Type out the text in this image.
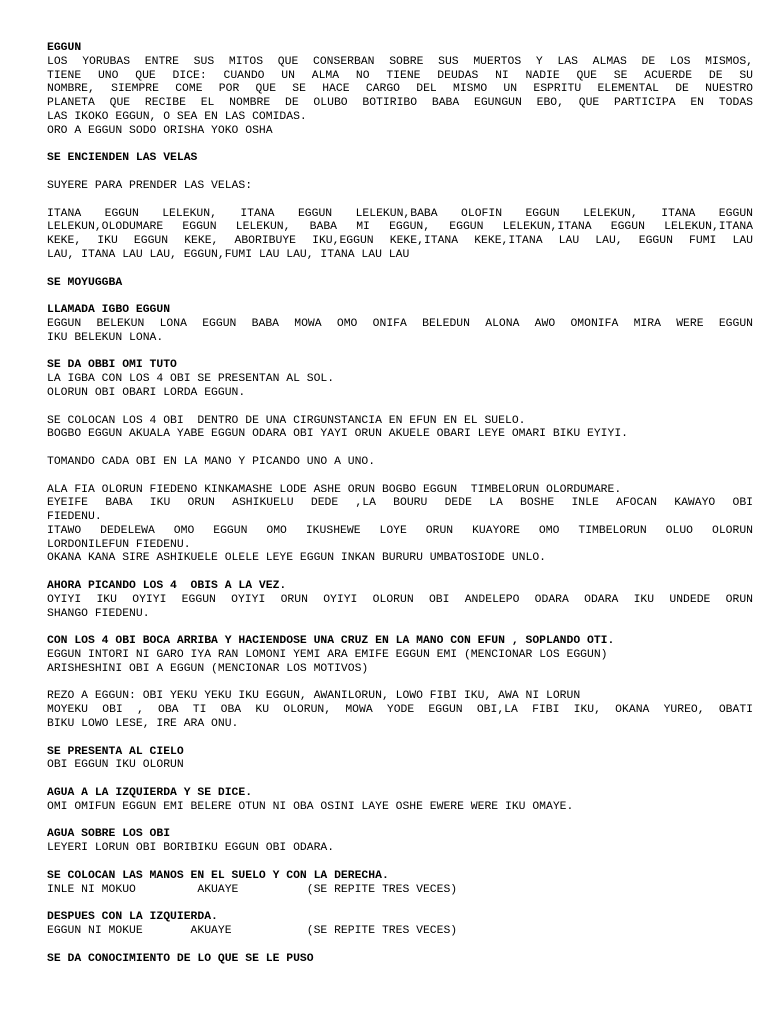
EGGUN
LOS YORUBAS ENTRE SUS MITOS QUE CONSERBAN SOBRE SUS MUERTOS Y LAS ALMAS DE LOS MISMOS,
TIENE UNO QUE DICE: CUANDO UN ALMA NO TIENE DEUDAS NI NADIE QUE SE ACUERDE DE SU
NOMBRE, SIEMPRE COME POR QUE SE HACE CARGO DEL MISMO UN ESPRITU ELEMENTAL DE NUESTRO
PLANETA QUE RECIBE EL NOMBRE DE OLUBO BOTIRIBO BABA EGUNGUN EBO, QUE PARTICIPA EN TODAS
LAS IKOKO EGGUN, O SEA EN LAS COMIDAS.
ORO A EGGUN SODO ORISHA YOKO OSHA
SE ENCIENDEN LAS VELAS
SUYERE PARA PRENDER LAS VELAS:
ITANA EGGUN LELEKUN, ITANA EGGUN LELEKUN,BABA OLOFIN EGGUN LELEKUN, ITANA EGGUN
LELEKUN,OLODUMARE EGGUN LELEKUN, BABA MI EGGUN, EGGUN LELEKUN,ITANA EGGUN LELEKUN,ITANA
KEKE, IKU EGGUN KEKE, ABORIBUYE IKU,EGGUN KEKE,ITANA KEKE,ITANA LAU LAU, EGGUN FUMI LAU
LAU, ITANA LAU LAU, EGGUN,FUMI LAU LAU, ITANA LAU LAU
SE MOYUGGBA
LLAMADA IGBO EGGUN
EGGUN BELEKUN LONA EGGUN BABA MOWA OMO ONIFA BELEDUN ALONA AWO OMONIFA MIRA WERE EGGUN
IKU BELEKUN LONA.
SE DA OBBI OMI TUTO
LA IGBA CON LOS 4 OBI SE PRESENTAN AL SOL.
OLORUN OBI OBARI LORDA EGGUN.
SE COLOCAN LOS 4 OBI  DENTRO DE UNA CIRGUNSTANCIA EN EFUN EN EL SUELO.
BOGBO EGGUN AKUALA YABE EGGUN ODARA OBI YAYI ORUN AKUELE OBARI LEYE OMARI BIKU EYIYI.
TOMANDO CADA OBI EN LA MANO Y PICANDO UNO A UNO.
ALA FIA OLORUN FIEDENO KINKAMASHE LODE ASHE ORUN BOGBO EGGUN  TIMBELORUN OLORDUMARE.
EYEIFE BABA IKU ORUN ASHIKUELU DEDE ,LA BOURU DEDE LA BOSHE INLE AFOCAN KAWAYO OBI
FIEDENU.
ITAWO DEDELEWA OMO EGGUN OMO IKUSHEWE LOYE ORUN KUAYORE OMO TIMBELORUN OLUO OLORUN
LORDONILEFUN FIEDENU.
OKANA KANA SIRE ASHIKUELE OLELE LEYE EGGUN INKAN BURURU UMBATOSIODE UNLO.
AHORA PICANDO LOS 4  OBIS A LA VEZ.
OYIYI IKU OYIYI EGGUN OYIYI ORUN OYIYI OLORUN OBI ANDELEPO ODARA ODARA IKU UNDEDE ORUN
SHANGO FIEDENU.
CON LOS 4 OBI BOCA ARRIBA Y HACIENDOSE UNA CRUZ EN LA MANO CON EFUN , SOPLANDO OTI.
EGGUN INTORI NI GARO IYA RAN LOMONI YEMI ARA EMIFE EGGUN EMI (MENCIONAR LOS EGGUN)
ARISHESHINI OBI A EGGUN (MENCIONAR LOS MOTIVOS)
REZO A EGGUN: OBI YEKU YEKU IKU EGGUN, AWANILORUN, LOWO FIBI IKU, AWA NI LORUN
MOYEKU OBI , OBA TI OBA KU OLORUN, MOWA YODE EGGUN OBI,LA FIBI IKU, OKANA YUREO, OBATI
BIKU LOWO LESE, IRE ARA ONU.
SE PRESENTA AL CIELO
OBI EGGUN IKU OLORUN
AGUA A LA IZQUIERDA Y SE DICE.
OMI OMIFUN EGGUN EMI BELERE OTUN NI OBA OSINI LAYE OSHE EWERE WERE IKU OMAYE.
AGUA SOBRE LOS OBI
LEYERI LORUN OBI BORIBIKU EGGUN OBI ODARA.
SE COLOCAN LAS MANOS EN EL SUELO Y CON LA DERECHA.
INLE NI MOKUO         AKUAYE          (SE REPITE TRES VECES)
DESPUES CON LA IZQUIERDA.
EGGUN NI MOKUE       AKUAYE           (SE REPITE TRES VECES)
SE DA CONOCIMIENTO DE LO QUE SE LE PUSO
